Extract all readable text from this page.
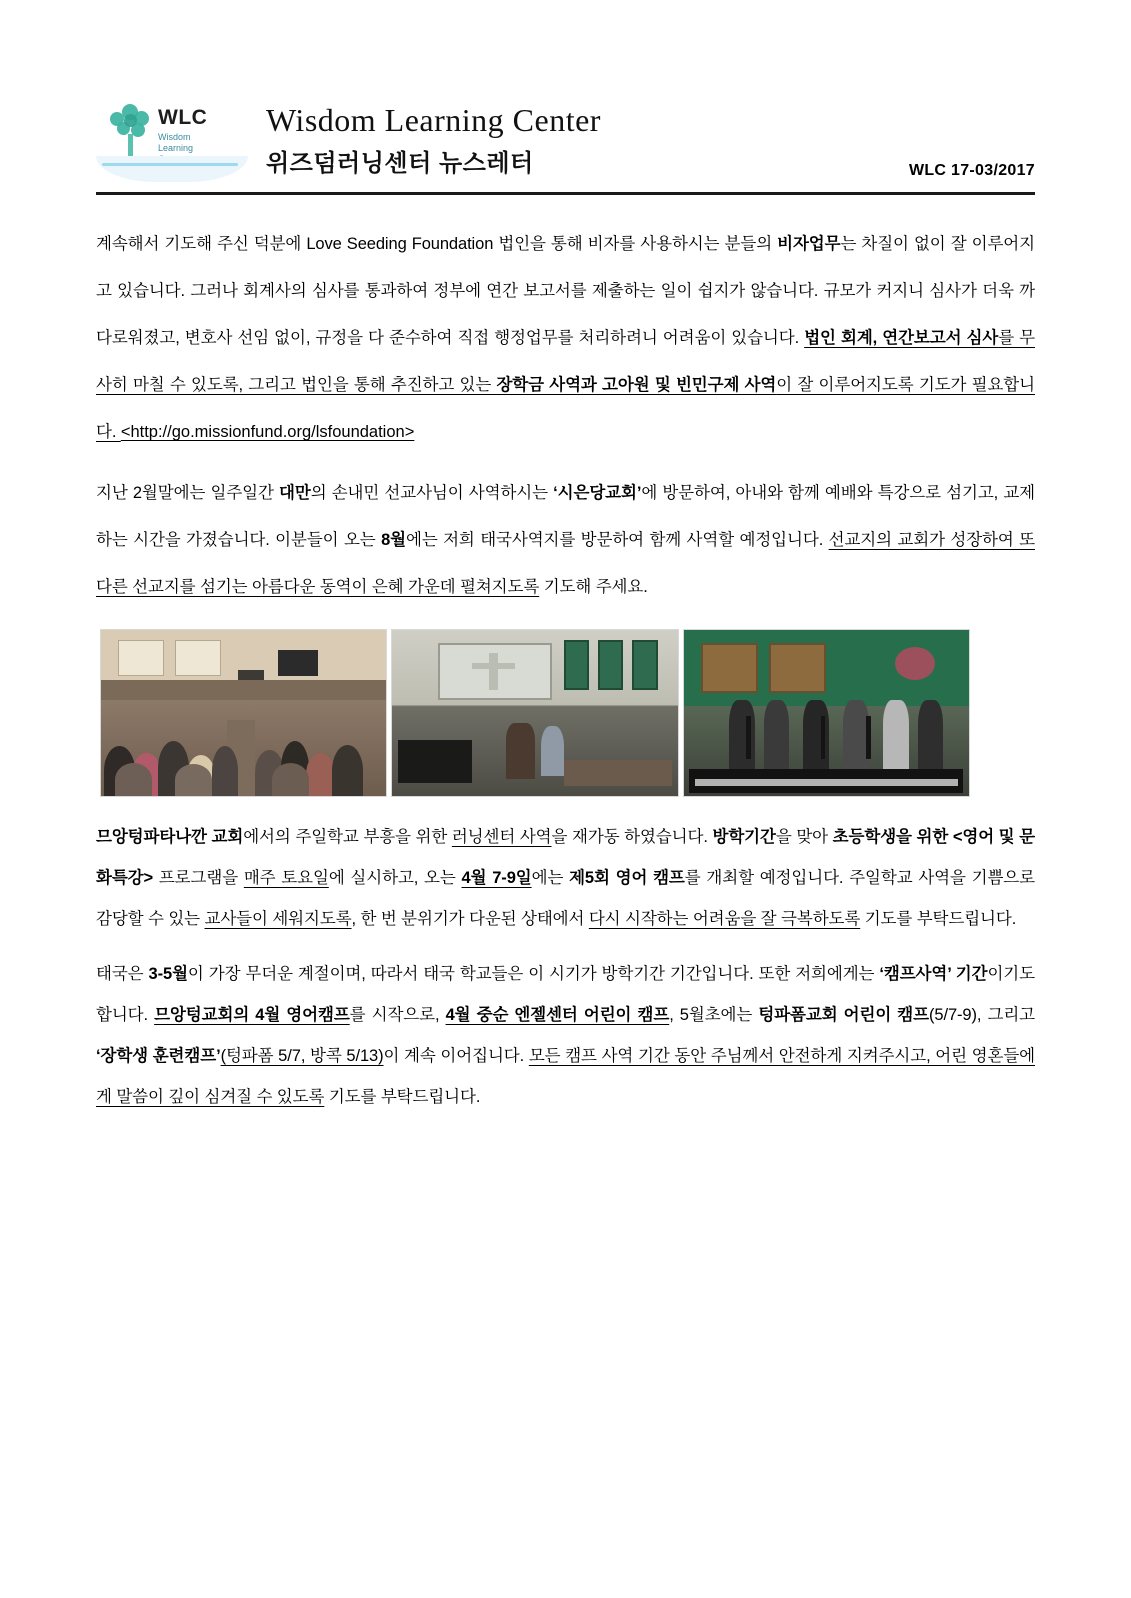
WLC
Wisdom
Learning

Wisdom Learning Center
위즈덤러닝센터 뉴스레터	WLC 17-03/2017

계속해서 기도해 주신 덕분에 Love Seeding Foundation 법인을 통해 비자를 사용하시는 분들의 비자업무는 차질이 없이 잘 이루어지고 있습니다. 그러나 회계사의 심사를 통과하여 정부에 연간 보고서를 제출하는 일이 쉽지가 않습니다. 규모가 커지니 심사가 더욱 까다로워졌고, 변호사 선임 없이, 규정을 다 준수하여 직접 행정업무를 처리하려니 어려움이 있습니다. 법인 회계, 연간보고서 심사를 무사히 마칠 수 있도록, 그리고 법인을 통해 추진하고 있는 장학금 사역과 고아원 및 빈민구제 사역이 잘 이루어지도록 기도가 필요합니다. <http://go.missionfund.org/lsfoundation>

지난 2월말에는 일주일간 대만의 손내민 선교사님이 사역하시는 ‘시은당교회’에 방문하여, 아내와 함께 예배와 특강으로 섬기고, 교제하는 시간을 가졌습니다. 이분들이 오는 8월에는 저희 태국사역지를 방문하여 함께 사역할 예정입니다. 선교지의 교회가 성장하여 또 다른 선교지를 섬기는 아름다운 동역이 은혜 가운데 펼쳐지도록 기도해 주세요.

므앙텅파타나깐 교회에서의 주일학교 부흥을 위한 러닝센터 사역을 재가동 하였습니다. 방학기간을 맞아 초등학생을 위한 <영어 및 문화특강> 프로그램을 매주 토요일에 실시하고, 오는 4월 7-9일에는 제5회 영어 캠프를 개최할 예정입니다. 주일학교 사역을 기쁨으로 감당할 수 있는 교사들이 세워지도록, 한 번 분위기가 다운된 상태에서 다시 시작하는 어려움을 잘 극복하도록 기도를 부탁드립니다.

태국은 3-5월이 가장 무더운 계절이며, 따라서 태국 학교들은 이 시기가 방학기간 기간입니다. 또한 저희에게는 ‘캠프사역’ 기간이기도 합니다. 므앙텅교회의 4월 영어캠프를 시작으로, 4월 중순 엔젤센터 어린이 캠프, 5월초에는 텅파폼교회 어린이 캠프(5/7-9), 그리고 ‘장학생 훈련캠프’(텅파폼 5/7, 방콕 5/13)이 계속 이어집니다. 모든 캠프 사역 기간 동안 주님께서 안전하게 지켜주시고, 어린 영혼들에게 말씀이 깊이 심겨질 수 있도록 기도를 부탁드립니다.
